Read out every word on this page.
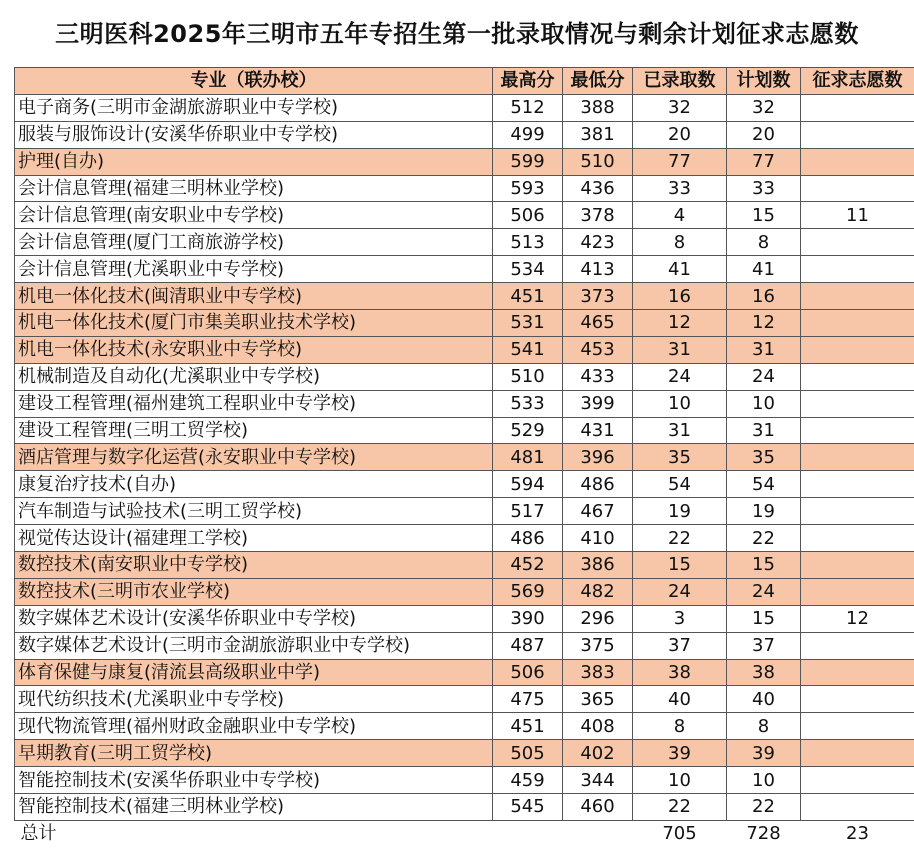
三明医科2025年三明市五年专招生第一批录取情况与剩余计划征求志愿数
专业（联办校）	最高分	最低分	已录取数	计划数	征求志愿数
电子商务(三明市金湖旅游职业中专学校)	512	388	32	32	
服装与服饰设计(安溪华侨职业中专学校)	499	381	20	20	
护理(自办)	599	510	77	77	
会计信息管理(福建三明林业学校)	593	436	33	33	
会计信息管理(南安职业中专学校)	506	378	4	15	11
会计信息管理(厦门工商旅游学校)	513	423	8	8	
会计信息管理(尤溪职业中专学校)	534	413	41	41	
机电一体化技术(闽清职业中专学校)	451	373	16	16	
机电一体化技术(厦门市集美职业技术学校)	531	465	12	12	
机电一体化技术(永安职业中专学校)	541	453	31	31	
机械制造及自动化(尤溪职业中专学校)	510	433	24	24	
建设工程管理(福州建筑工程职业中专学校)	533	399	10	10	
建设工程管理(三明工贸学校)	529	431	31	31	
酒店管理与数字化运营(永安职业中专学校)	481	396	35	35	
康复治疗技术(自办)	594	486	54	54	
汽车制造与试验技术(三明工贸学校)	517	467	19	19	
视觉传达设计(福建理工学校)	486	410	22	22	
数控技术(南安职业中专学校)	452	386	15	15	
数控技术(三明市农业学校)	569	482	24	24	
数字媒体艺术设计(安溪华侨职业中专学校)	390	296	3	15	12
数字媒体艺术设计(三明市金湖旅游职业中专学校)	487	375	37	37	
体育保健与康复(清流县高级职业中学)	506	383	38	38	
现代纺织技术(尤溪职业中专学校)	475	365	40	40	
现代物流管理(福州财政金融职业中专学校)	451	408	8	8	
早期教育(三明工贸学校)	505	402	39	39	
智能控制技术(安溪华侨职业中专学校)	459	344	10	10	
智能控制技术(福建三明林业学校)	545	460	22	22	
总计			705	728	23
